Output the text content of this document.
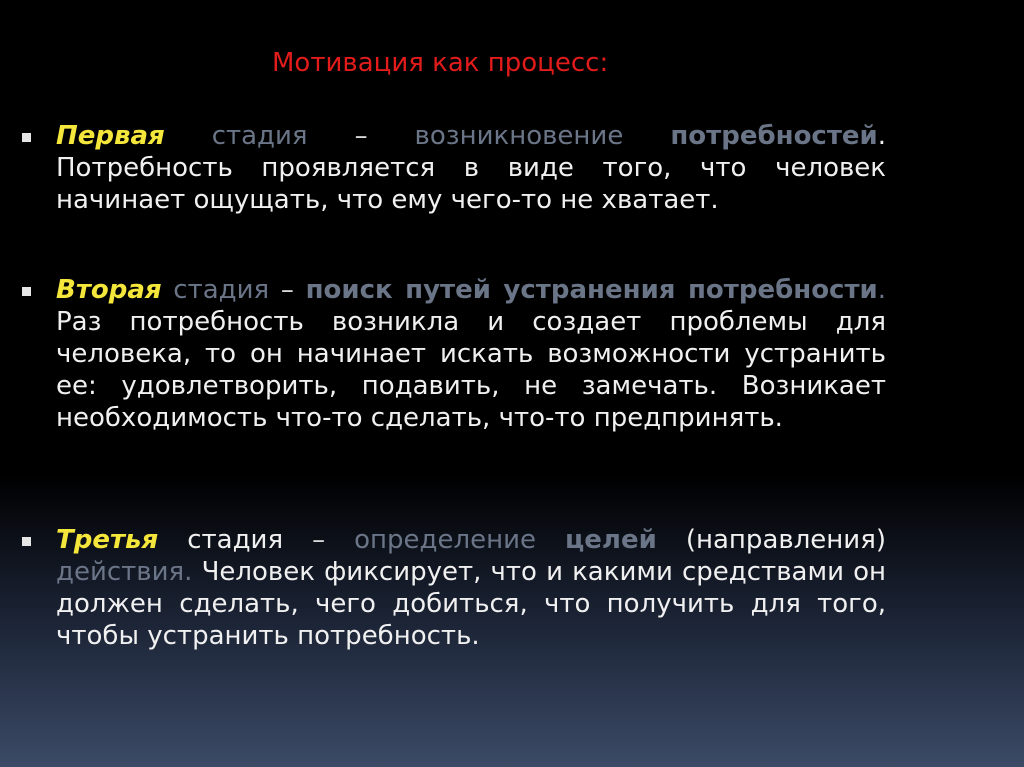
Мотивация как процесс:
Первая стадия – возникновение потребностей. Потребность проявляется в виде того, что человек начинает ощущать, что ему чего-то не хватает.
Вторая стадия – поиск путей устранения потребности. Раз потребность возникла и создает проблемы для человека, то он начинает искать возможности устранить ее: удовлетворить, подавить, не замечать. Возникает необходимость что-то сделать, что-то предпринять.
Третья стадия – определение целей (направления) действия. Человек фиксирует, что и какими средствами он должен сделать, чего добиться, что получить для того, чтобы устранить потребность.
